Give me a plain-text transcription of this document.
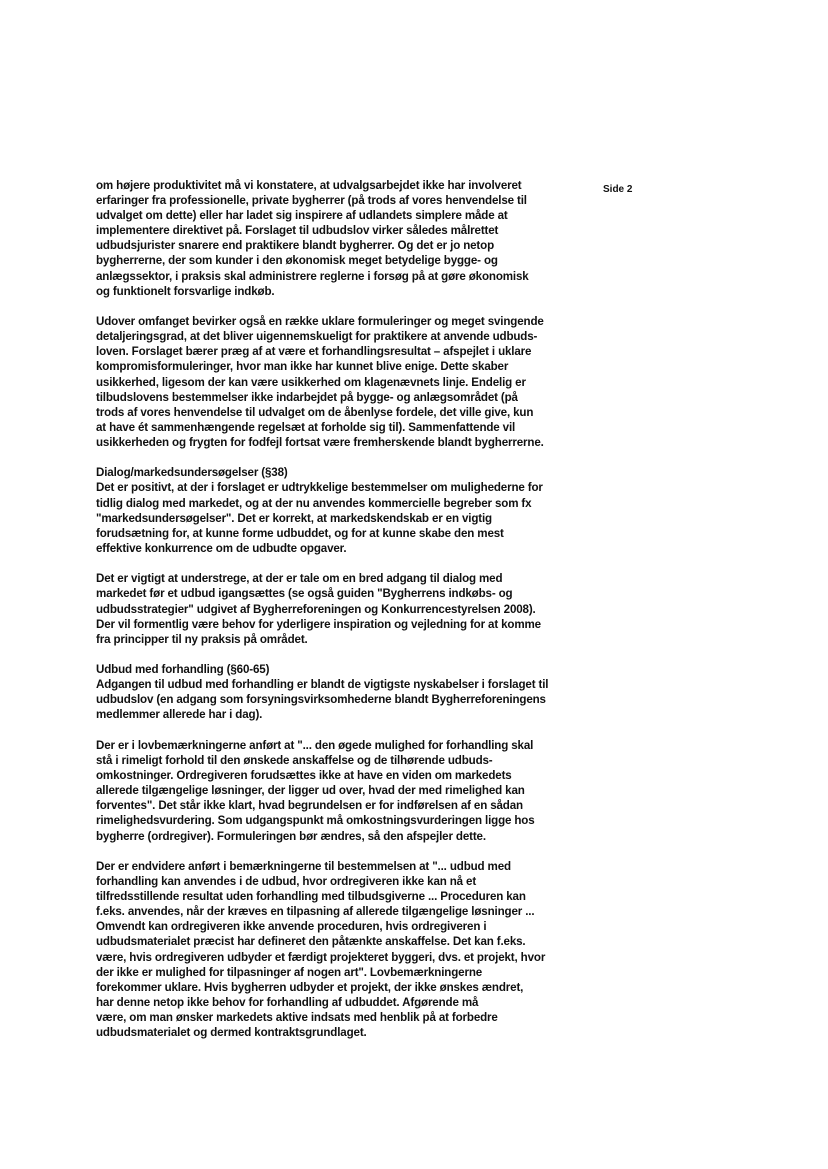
Side 2

om højere produktivitet må vi konstatere, at udvalgsarbejdet ikke har involveret
erfaringer fra professionelle, private bygherrer (på trods af vores henvendelse til
udvalget om dette) eller har ladet sig inspirere af udlandets simplere måde at
implementere direktivet på. Forslaget til udbudslov virker således målrettet
udbudsjurister snarere end praktikere blandt bygherrer. Og det er jo netop
bygherrerne, der som kunder i den økonomisk meget betydelige bygge- og
anlægssektor, i praksis skal administrere reglerne i forsøg på at gøre økonomisk
og funktionelt forsvarlige indkøb.

Udover omfanget bevirker også en række uklare formuleringer og meget svingende
detaljeringsgrad, at det bliver uigennemskueligt for praktikere at anvende udbuds-
loven. Forslaget bærer præg af at være et forhandlingsresultat – afspejlet i uklare
kompromisformuleringer, hvor man ikke har kunnet blive enige. Dette skaber
usikkerhed, ligesom der kan være usikkerhed om klagenævnets linje. Endelig er
tilbudslovens bestemmelser ikke indarbejdet på bygge- og anlægsområdet (på
trods af vores henvendelse til udvalget om de åbenlyse fordele, det ville give, kun
at have ét sammenhængende regelsæt at forholde sig til). Sammenfattende vil
usikkerheden og frygten for fodfejl fortsat være fremherskende blandt bygherrerne.

Dialog/markedsundersøgelser (§38)
Det er positivt, at der i forslaget er udtrykkelige bestemmelser om mulighederne for
tidlig dialog med markedet, og at der nu anvendes kommercielle begreber som fx
"markedsundersøgelser". Det er korrekt, at markedskendskab er en vigtig
forudsætning for, at kunne forme udbuddet, og for at kunne skabe den mest
effektive konkurrence om de udbudte opgaver.

Det er vigtigt at understrege, at der er tale om en bred adgang til dialog med
markedet før et udbud igangsættes (se også guiden "Bygherrens indkøbs- og
udbudsstrategier" udgivet af Bygherreforeningen og Konkurrencestyrelsen 2008).
Der vil formentlig være behov for yderligere inspiration og vejledning for at komme
fra principper til ny praksis på området.

Udbud med forhandling (§60-65)
Adgangen til udbud med forhandling er blandt de vigtigste nyskabelser i forslaget til
udbudslov (en adgang som forsyningsvirksomhederne blandt Bygherreforeningens
medlemmer allerede har i dag).

Der er i lovbemærkningerne anført at "... den øgede mulighed for forhandling skal
stå i rimeligt forhold til den ønskede anskaffelse og de tilhørende udbuds-
omkostninger. Ordregiveren forudsættes ikke at have en viden om markedets
allerede tilgængelige løsninger, der ligger ud over, hvad der med rimelighed kan
forventes". Det står ikke klart, hvad begrundelsen er for indførelsen af en sådan
rimelighedsvurdering. Som udgangspunkt må omkostningsvurderingen ligge hos
bygherre (ordregiver). Formuleringen bør ændres, så den afspejler dette.

Der er endvidere anført i bemærkningerne til bestemmelsen at "... udbud med
forhandling kan anvendes i de udbud, hvor ordregiveren ikke kan nå et
tilfredsstillende resultat uden forhandling med tilbudsgiverne ... Proceduren kan
f.eks. anvendes, når der kræves en tilpasning af allerede tilgængelige løsninger ...
Omvendt kan ordregiveren ikke anvende proceduren, hvis ordregiveren i
udbudsmaterialet præcist har defineret den påtænkte anskaffelse. Det kan f.eks.
være, hvis ordregiveren udbyder et færdigt projekteret byggeri, dvs. et projekt, hvor
der ikke er mulighed for tilpasninger af nogen art". Lovbemærkningerne
forekommer uklare. Hvis bygherren udbyder et projekt, der ikke ønskes ændret,
har denne netop ikke behov for forhandling af udbuddet. Afgørende må
være, om man ønsker markedets aktive indsats med henblik på at forbedre
udbudsmaterialet og dermed kontraktsgrundlaget.
